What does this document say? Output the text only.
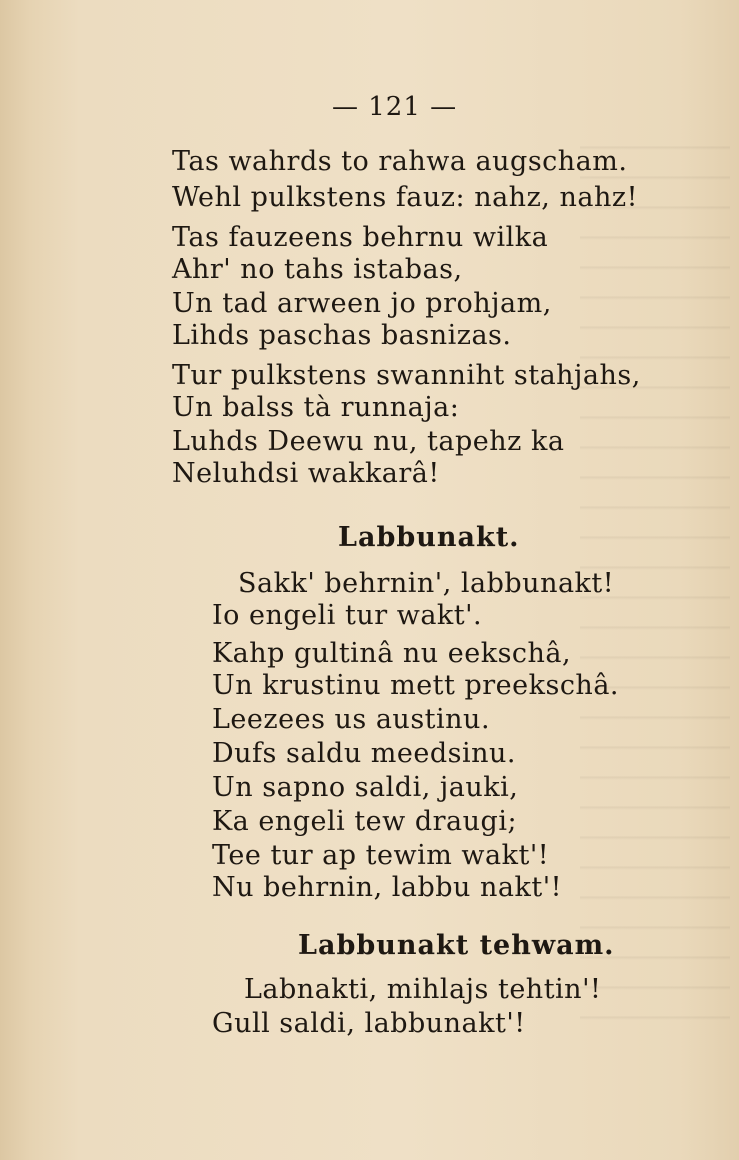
— 121 —
Tas wahrds to rahwa augscham.
Wehl pulkstens fauz: nahz, nahz!
Tas fauzeens behrnu wilka
Ahr' no tahs istabas,
Un tad arween jo prohjam,
Lihds paschas basnizas.
Tur pulkstens swanniht stahjahs,
Un balss tà runnaja:
Luhds Deewu nu, tapehz ka
Neluhdsi wakkarâ!
Labbunakt.
Sakk' behrnin', labbunakt!
Io engeli tur wakt'.
Kahp gultinâ nu eekschâ,
Un krustinu mett preekschâ.
Leezees us austinu.
Dufs saldu meedsinu.
Un sapno saldi, jauki,
Ka engeli tew draugi;
Tee tur ap tewim wakt'!
Nu behrnin, labbu nakt'!
Labbunakt tehwam.
Labnakti, mihlajs tehtin'!
Gull saldi, labbunakt'!
